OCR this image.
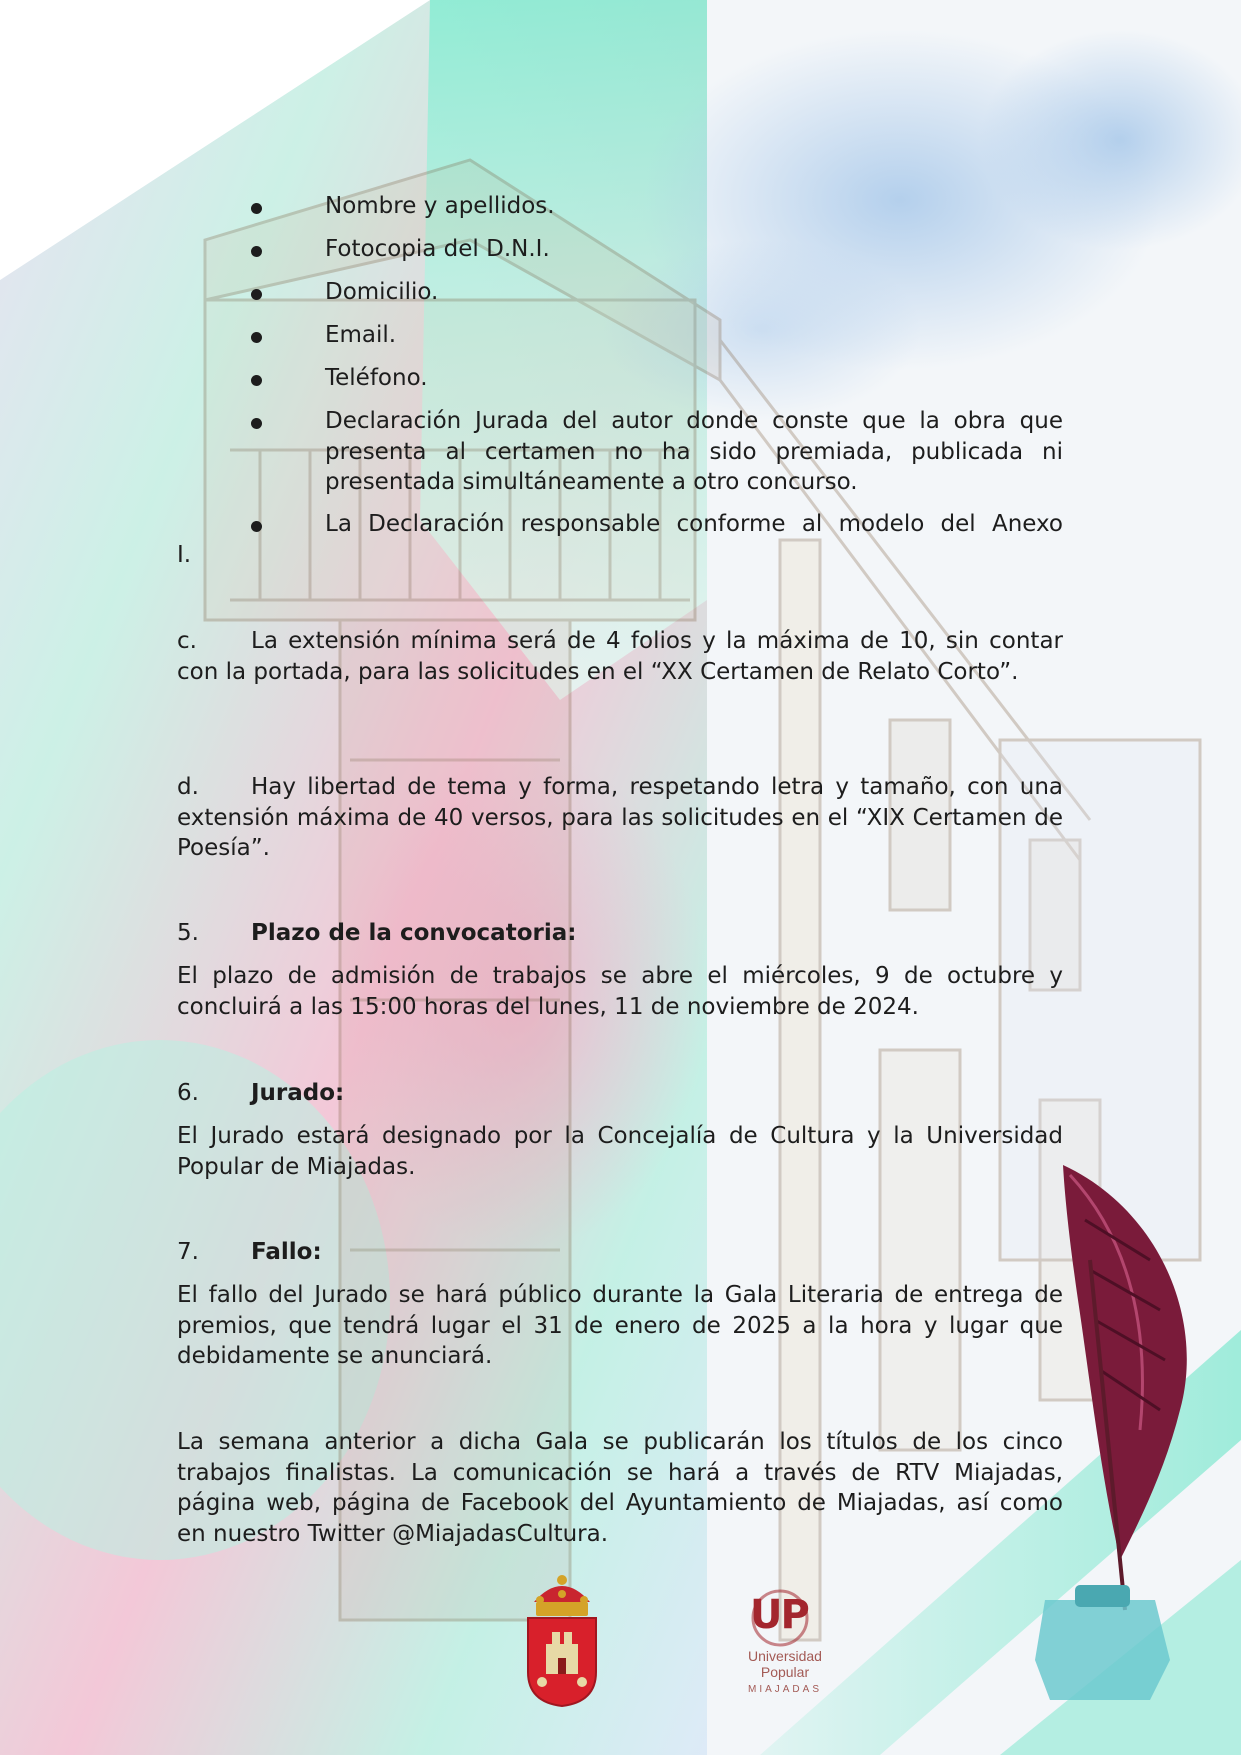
Nombre y apellidos.

Fotocopia del D.N.I.

Domicilio.

Email.

Teléfono.

Declaración Jurada del autor donde conste que la obra que presenta al certamen no ha sido premiada, publicada ni presentada simultáneamente a otro concurso.

La Declaración responsable conforme al modelo del Anexo

I.

c. La extensión mínima será de 4 folios y la máxima de 10, sin contar con la portada, para las solicitudes en el “XX Certamen de Relato Corto”.

d. Hay libertad de tema y forma, respetando letra y tamaño, con una extensión máxima de 40 versos, para las solicitudes en el “XIX Certamen de Poesía”.

5. Plazo de la convocatoria:

El plazo de admisión de trabajos se abre el miércoles, 9 de octubre y concluirá a las 15:00 horas del lunes, 11 de noviembre de 2024.

6. Jurado:

El Jurado estará designado por la Concejalía de Cultura y la Universidad Popular de Miajadas.

7. Fallo:

El fallo del Jurado se hará público durante la Gala Literaria de entrega de premios, que tendrá lugar el 31 de enero de 2025 a la hora y lugar que debidamente se anunciará.

La semana anterior a dicha Gala se publicarán los títulos de los cinco trabajos finalistas. La comunicación se hará a través de RTV Miajadas, página web, página de Facebook del Ayuntamiento de Miajadas, así como en nuestro Twitter @MiajadasCultura.

UP
Universidad
Popular
MIAJADAS
